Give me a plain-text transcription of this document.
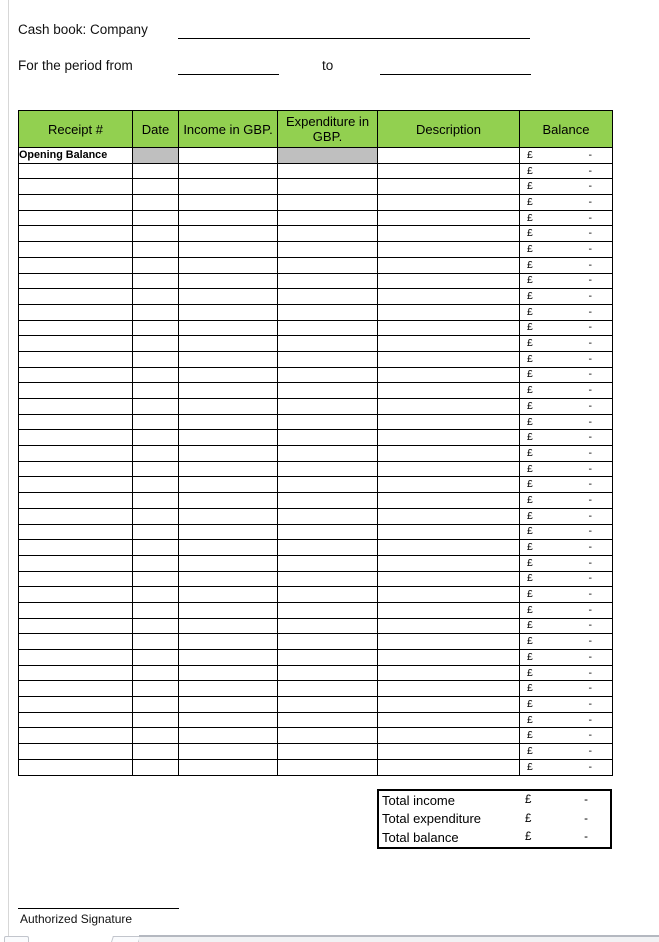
Cash book: Company
For the period from	to
Receipt #	Date	Income in GBP.	Expenditure in GBP.	Description	Balance
Opening Balance					£ -

					£ -

					£ -

					£ -

					£ -

					£ -

					£ -

					£ -

					£ -

					£ -

					£ -

					£ -

					£ -

					£ -

					£ -

					£ -

					£ -

					£ -

					£ -

					£ -

					£ -

					£ -

					£ -

					£ -

					£ -

					£ -

					£ -

					£ -

					£ -

					£ -

					£ -

					£ -

					£ -

					£ -

					£ -

					£ -

					£ -

					£ -

					£ -

					£ -
Total income	£	-
Total expenditure	£	-
Total balance	£	-
Authorized Signature
